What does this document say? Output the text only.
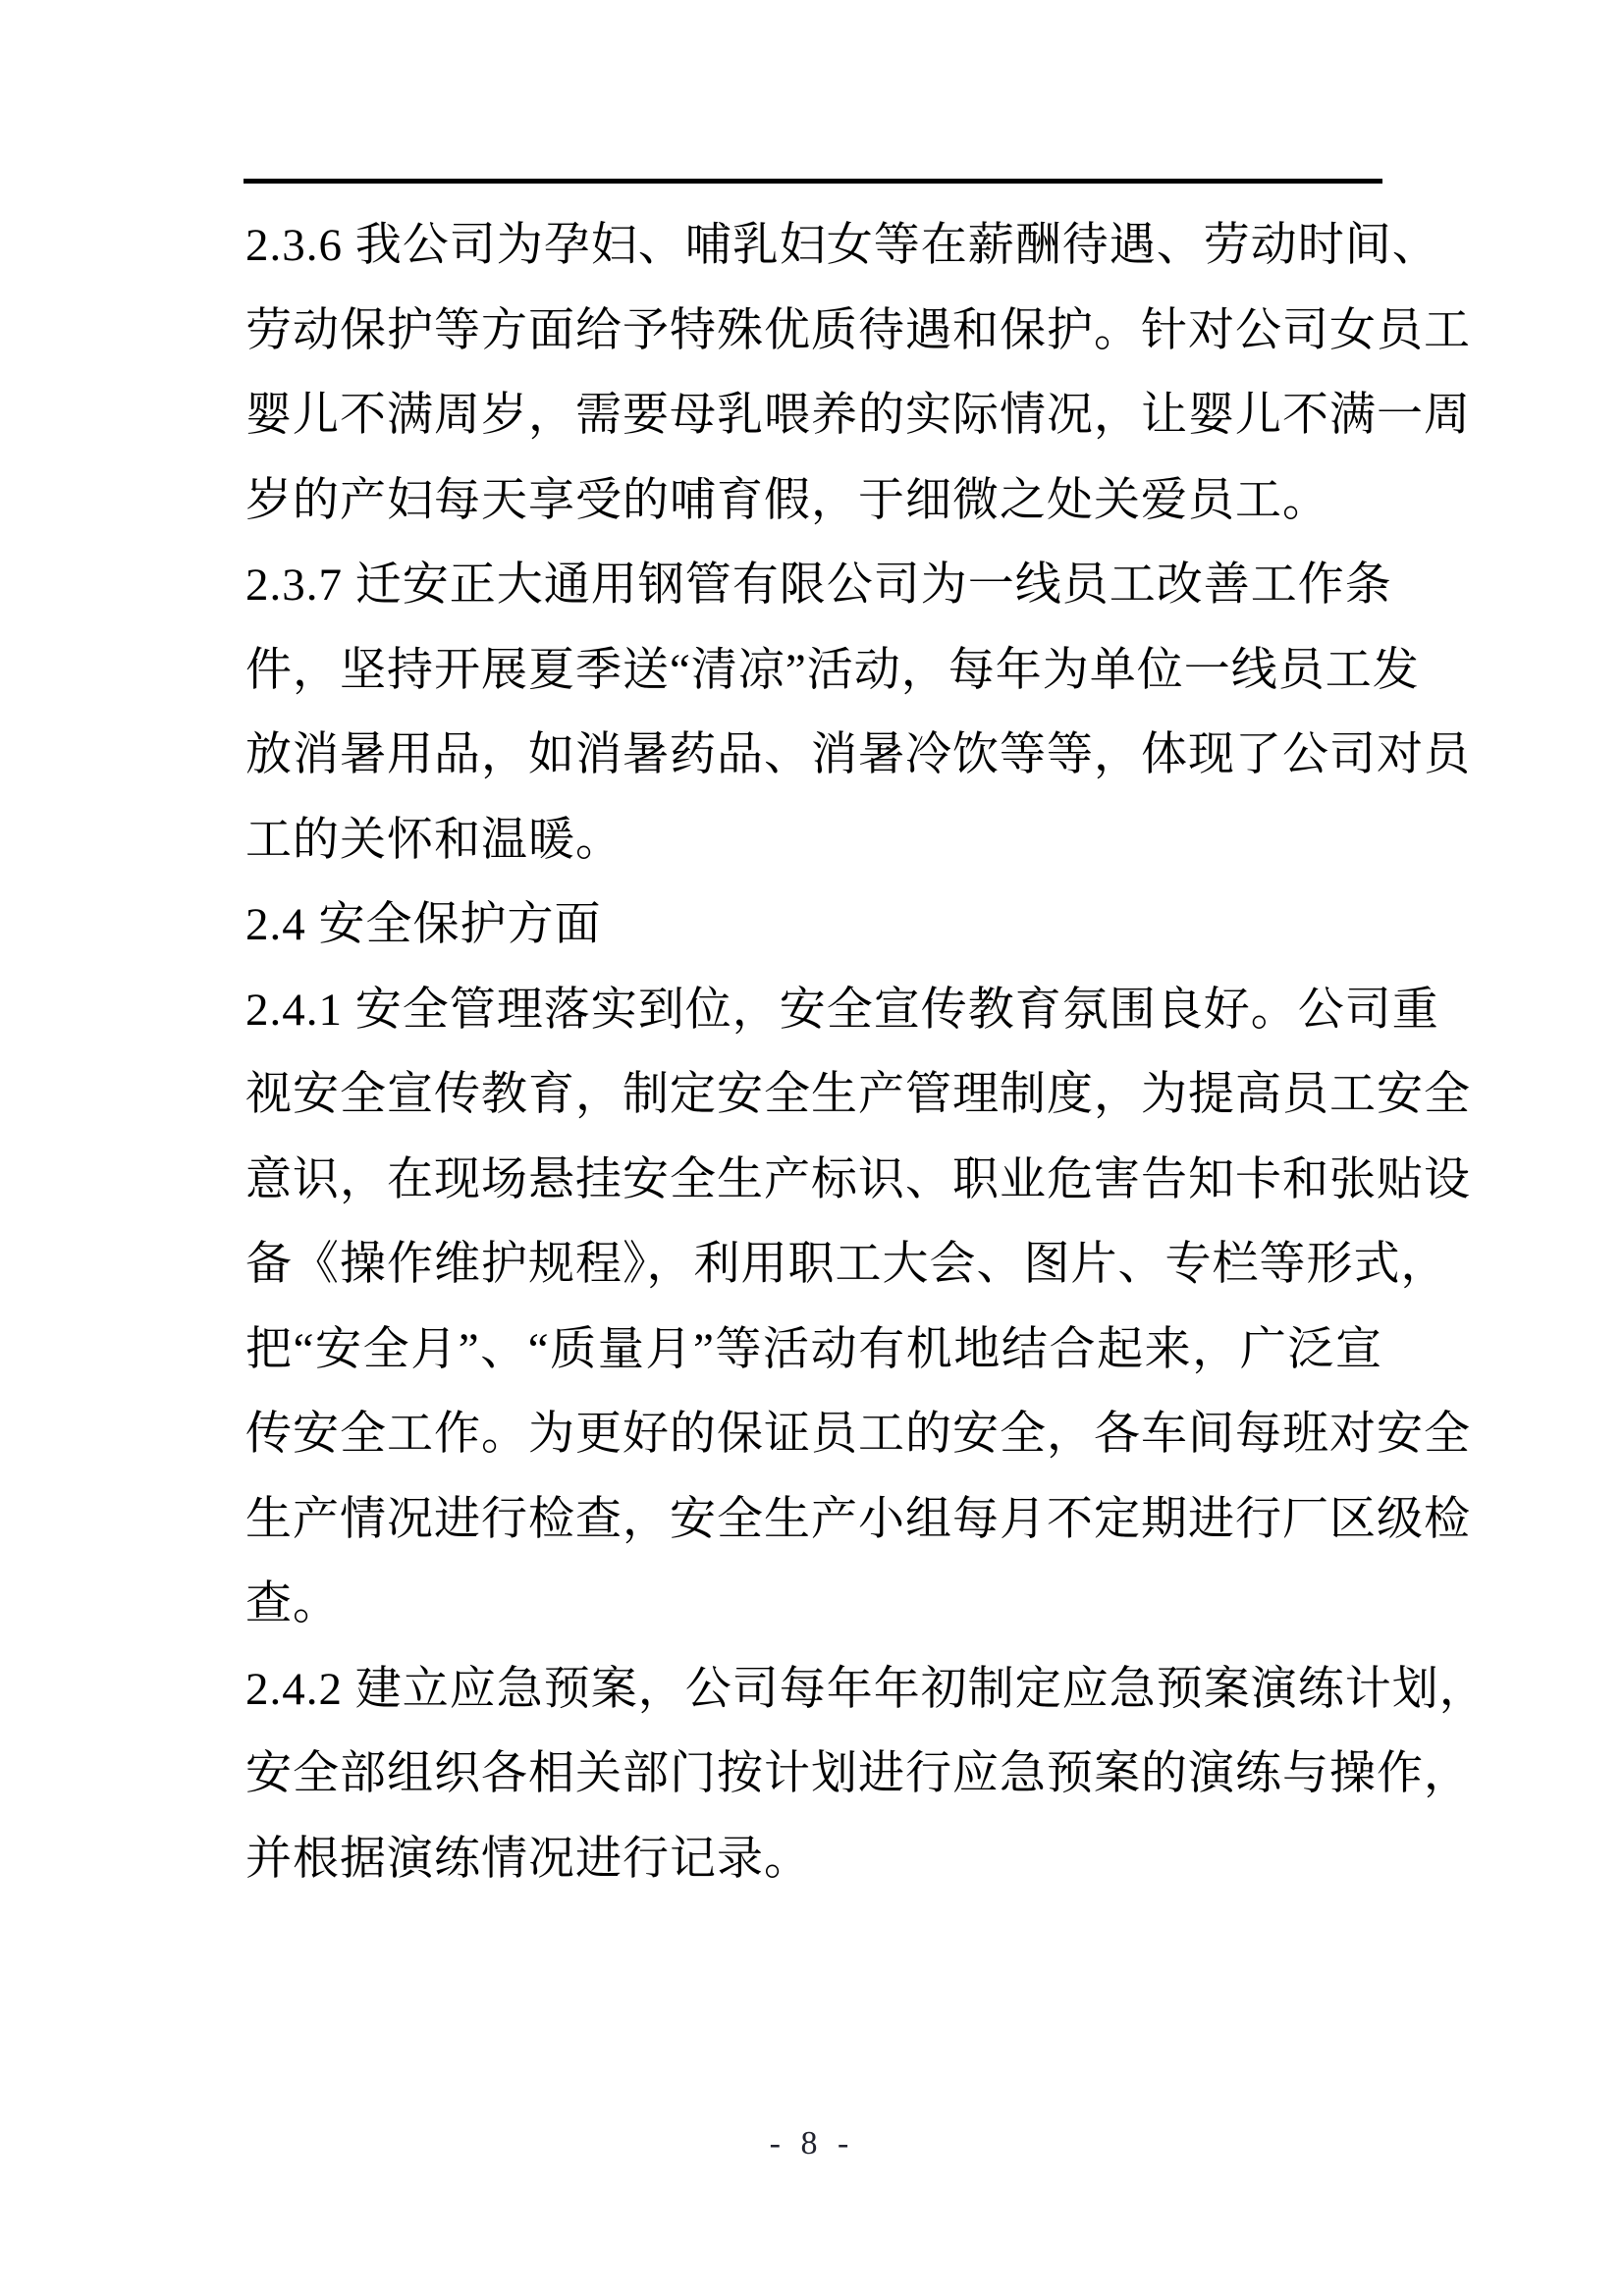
2.3.6 我公司为孕妇、哺乳妇女等在薪酬待遇、劳动时间、
劳动保护等方面给予特殊优质待遇和保护。针对公司女员工
婴儿不满周岁，需要母乳喂养的实际情况，让婴儿不满一周
岁的产妇每天享受的哺育假，于细微之处关爱员工。
2.3.7 迁安正大通用钢管有限公司为一线员工改善工作条
件，坚持开展夏季送“清凉”活动，每年为单位一线员工发
放消暑用品，如消暑药品、消暑冷饮等等，体现了公司对员
工的关怀和温暖。
2.4 安全保护方面
2.4.1 安全管理落实到位，安全宣传教育氛围良好。公司重
视安全宣传教育，制定安全生产管理制度，为提高员工安全
意识，在现场悬挂安全生产标识、职业危害告知卡和张贴设
备《操作维护规程》，利用职工大会、图片、专栏等形式，
把“安全月”、“质量月”等活动有机地结合起来，广泛宣
传安全工作。为更好的保证员工的安全，各车间每班对安全
生产情况进行检查，安全生产小组每月不定期进行厂区级检
查。
2.4.2 建立应急预案，公司每年年初制定应急预案演练计划，
安全部组织各相关部门按计划进行应急预案的演练与操作，
并根据演练情况进行记录。
- 8 -
